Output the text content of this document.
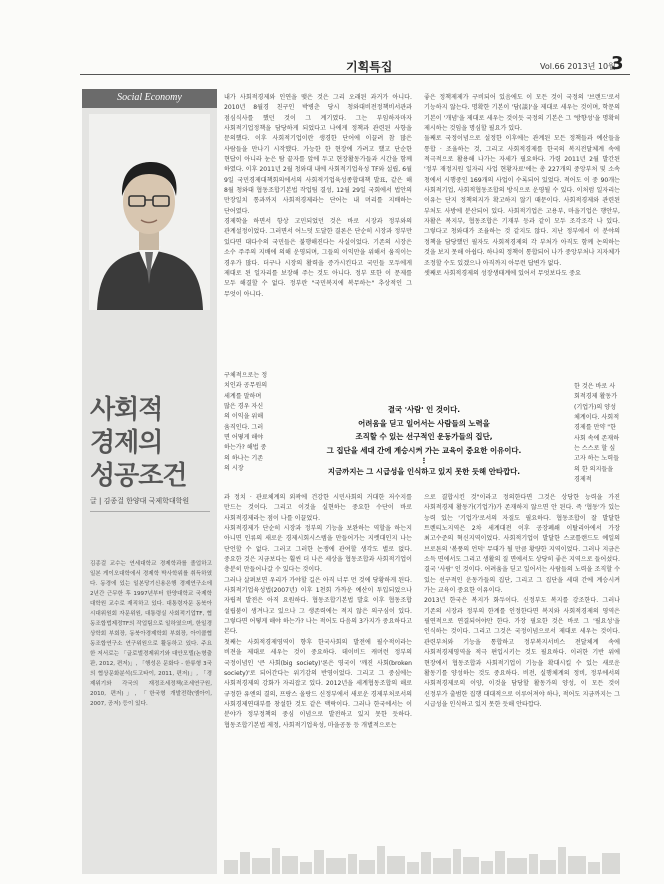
기획특집	Vol.66 2013년 10월
3
Social Economy
사회적
경제의
성공조건
글 | 김종걸 한양대 국제학대학원
김종걸 교수는 연세대학교 경제학과를 졸업하고 일본 게이오대학에서 경제학 박사학위를 취득하였다. 동경에 있는 일본당기신용은행 경제연구소에 2년간 근무한 후 1997년부터 한양대학교 국제학대학원 교수로 재직하고 있다. 대통령자문 동북아시대위원회 자문위원, 대통령실 사회적기업TF, 협동조합법제정TF의 작업팀으로 일하였으며, 한일경상학회 부회장, 동북아경제학회 부회장, 아이쿱협동조합연구소 연구위원으로 활동하고 있다. 주요한 저서로는 「글로벌경제위기와 대안모델(논형출판, 2012, 편저)」, 「행성은 문화다 - 한류형 3국의 협상문화분석(도고타이, 2011, 편저)」, 「경제위기와 각국의 재정조세정책(조세연구원, 2010, 편저)」, 「한국형 개발전략(엠아이, 2007, 공저) 등이 있다.

내가 사회적경제와 인연을 맺은 것은 그리 오래된 과거가 아니다. 2010년 8월경 친구인 박병춘 당시 청와대비전정책비서관과 점심식사를 했던 것이 그 계기였다. 그는 부임하자마자 사회적기업정책을 담당하게 되었다고 나에게 정책과 관련된 사항을 문의했다. 이후 사회적기업이란 생경한 단어에 이끌려 참 많은 사람들을 만나기 시작했다. 가능한 한 현장에 가려고 했고 단순한 현답이 아니라 눈은 탐 끝자를 앞에 두고 현장활동가들과 시간을 함께 하였다. 이후 2011년 2월 청와대 내에 사회적기업육성 TF와 설립, 6월 9일 국민경제대책회의에서의 사회적기업육성종합대책 발표, 같은 해 8월 청와대 협동조합기본법 작업팀 결성, 12월 29일 국회에서 법안의 만장일치 통과까지 사회적경제라는 단어는 내 머리를 지배하는 단어였다.

경제학을 하면서 항상 고민되었던 것은 바로 시장과 정부와의 관계설정이었다. 그러면서 어느덧 도달한 결론은 단순히 시장과 정부만 있다면 대다수의 국민들은 불행해진다는 사실이었다. 기존의 시장은 소수 주주의 지배에 의해 운영되며, 그들의 이익만을 위해서 움직이는 경우가 많다. 더구나 시장의 활력을 증가시킨다고 국민들 모두에게 제대로 된 일자리를 보장해 주는 것도 아니다. 정부 또한 이 문제를 모두 해결할 수 없다. 정부란 "국민복지에 복무하는" 추상적인 그 무엇이 아니다.

구체적으로는 정치인과 공무원의 세계를 말하며 많은 경우 자신의 이익을 위해 움직인다. 그러면 어떻게 해야 하는가? 해법 중의 하나는 기존의 시장
과 정치 · 관료체계의 외곽에 건강한 시민사회의 거대한 저수지를 만드는 것이다. 그리고 이것을 실현하는 중요한 수단이 바로 사회적경제라는 점이 나를 이끌었다.
사회적경제가 단순히 시장과 정부의 기능을 보완하는 역할을 하는지 아니면 인류의 새로운 경제시회시스템을 만들어가는 지렛대인지 나는 단언할 수 없다. 그러고 그러한 논쟁에 관여할 생각도 별로 없다. 중요한 것은 지금보다는 훨씬 더 나은 세상을 협동조합과 사회적기업이 충분히 만들어나갈 수 있다는 것이다.
그러나 살펴보면 우리가 가야할 길은 아직 너무 먼 것에 당황하게 된다. 사회적기업육성법(2007년) 이후 1천회 가까운 예산이 투입되었으나 자립적 발전은 아직 요원하다. 협동조합기본법 발효 이후 협동조합 설립붐이 생겨나고 있으나 그 생존력에는 적지 않은 의구심이 있다. 그렇다면 어떻게 해야 하는가? 나는 적어도 다음의 3가지가 중요하다고 본다.
첫째는 사회적경제영역이 향후 한국사회의 발전에 필수적이라는 비젼을 제대로 세우는 것이 중요하다. 데이비드 캐머런 정부의 국정이념인 '큰 사회(big society)'론은 영국이 '깨진 사회(broken society)'로 되어간다는 위기감의 반영이었다. 그리고 그 중심에는 사회적경제의 강화가 자리잡고 있다. 2012년을 세계협동조합의 해로 규정한 유엔의 결의, 프랑스 올랑드 신정부에서 새로운 경제부처로서의 사회경제연대부를 창설한 것도 같은 맥락이다. 그러나 한국에서는 이 분야가 정부정책의 중심 이념으로 발전하고 있지 못한 듯하다. 협동조합기본법 제정, 사회적기업육성, 마을공동 등 개별적으로는
좋은 정책제제가 구비되어 있음에도 이 모든 것이 국정의 '브랜드'로서 기능하지 않는다. 명확한 기본이 '담(談)'을 제대로 세우는 것이며, 학문의 기본이 '개념'을 제대로 세우는 것이듯 국정의 기본은 그 '방향성'을 명확히 제시하는 것임을 명심할 필요가 있다.
둘째로 국정이념으로 설정한 이후에는 관계된 모든 정책들과 예산들을 통합 · 조율하는 것, 그리고 사회적경제를 한국의 복지전달체계 속에 적극적으로 활용해 나가는 자세가 필요하다. 가령 2011년 2월 발간된 '정부 재정지원 일자리 사업 현황자료'에는 총 227개의 중앙부처 및 소속 청에서 시행중인 169개의 사업이 수록되어 있었다. 적어도 이 중 90개는 사회적기업, 사회적협동조합의 방식으로 운영될 수 있다. 이처럼 일자리는 이유는 단지 정책의지가 확고하지 않기 때문이다. 사회적경제와 관련된 부처도 사방에 분산되어 있다. 사회적기업은 고용부, 마을기업은 행안부, 자활은 복지부, 협동조합은 기재부 등과 같이 모두 조각조각 나 있다. 그렇다고 청와대가 조율하는 것 같지도 않다. 지난 정부에서 이 분야의 정책을 담당했던 필자도 사회적경제의 각 부처가 아직도 함께 논의하는 것을 보지 못해 아쉽다. 하나의 정책이 통합되어 나가 중앙부처나 지자체가 조정할 수도 있겠으나 아직까지 아무런 답변가 없다.
셋째로 사회적경제의 성장생태계에 있어서 무엇보다도 중요
한 것은 바로 사회적경제 활동가(기업가)의 양성체계이다. 사회적경제를 만약 "한 사회 속에 존재하는 스스로 할 싶고자 하는 노력들의 한 의지들을 경제적
으로 결합시킨 것"이라고 정의한다면 그것은 상당한 능력을 가진 사회적경제 활동가(기업가)가 존재하지 않으면 안 된다. 즉 '협동'가 있는 능력 있는 '기업가'로서의 자질도 필요하다. 협동조합이 잘 발달한 트렌티노지역은 2차 세계대전 이후 공장폐쇄 이탈리아에서 가장 최고수준의 혁신지역이었다. 사회적기업이 발달한 스코틀랜드도 예일의 브로튼의 '볶풍의 언덕' 무대가 될 만큼 황량한 지역이었다. 그러나 지금은 소득 면에서도 그리고 생활의 질 면에서도 상당히 좋은 지역으로 들어섰다. 결국 '사람' 인 것이다. 어려움을 딛고 일어서는 사람들의 노력을 조직할 수 있는 선구적인 운동가들의 집단, 그리고 그 집단을 세대 간에 계승시켜 가는 교육이 중요한 이유이다.
2013년 한국은 복지가 화두이다. 신정부도 복지를 강조한다. 그러나 기존의 시장과 정부의 한계를 인정한다면 복지와 사회적경제의 영역은 필연적으로 연결되어야만 한다. 가장 필요한 것은 바로 그 '필요성'을 인식하는 것이다. 그리고 그것은 국정이념으로서 제대로 세우는 것이다. 관련부처와 기능을 통합하고 정부복지서비스 전달체계 속에 사회적경제영역을 적극 편입시키는 것도 필요하다. 이러한 기반 위에 현장에서 협동조합과 사회적기업이 기능을 확대시킬 수 있는 새로운 활동기를 양성하는 것도 중요하다. 비전, 실행체계의 정비, 정부에서의 사회적경제로의 이양, 이것을 담당할 활동가의 양성, 이 모든 것이 신정부가 출범한 집행 대대적으로 이루어져야 하나, 적어도 지금까지는 그 시급성을 인식하고 있지 못한 듯해 안타깝다.
결국 '사람' 인 것이다.
어려움을 딛고 일어서는 사람들의 노력을
조직할 수 있는 선구적인 운동가들의 집단,
그 집단을 세대 간에 계승시켜 가는 교육이 중요한 이유이다.
⋮
지금까지는 그 시급성을 인식하고 있지 못한 듯해 안타깝다.
